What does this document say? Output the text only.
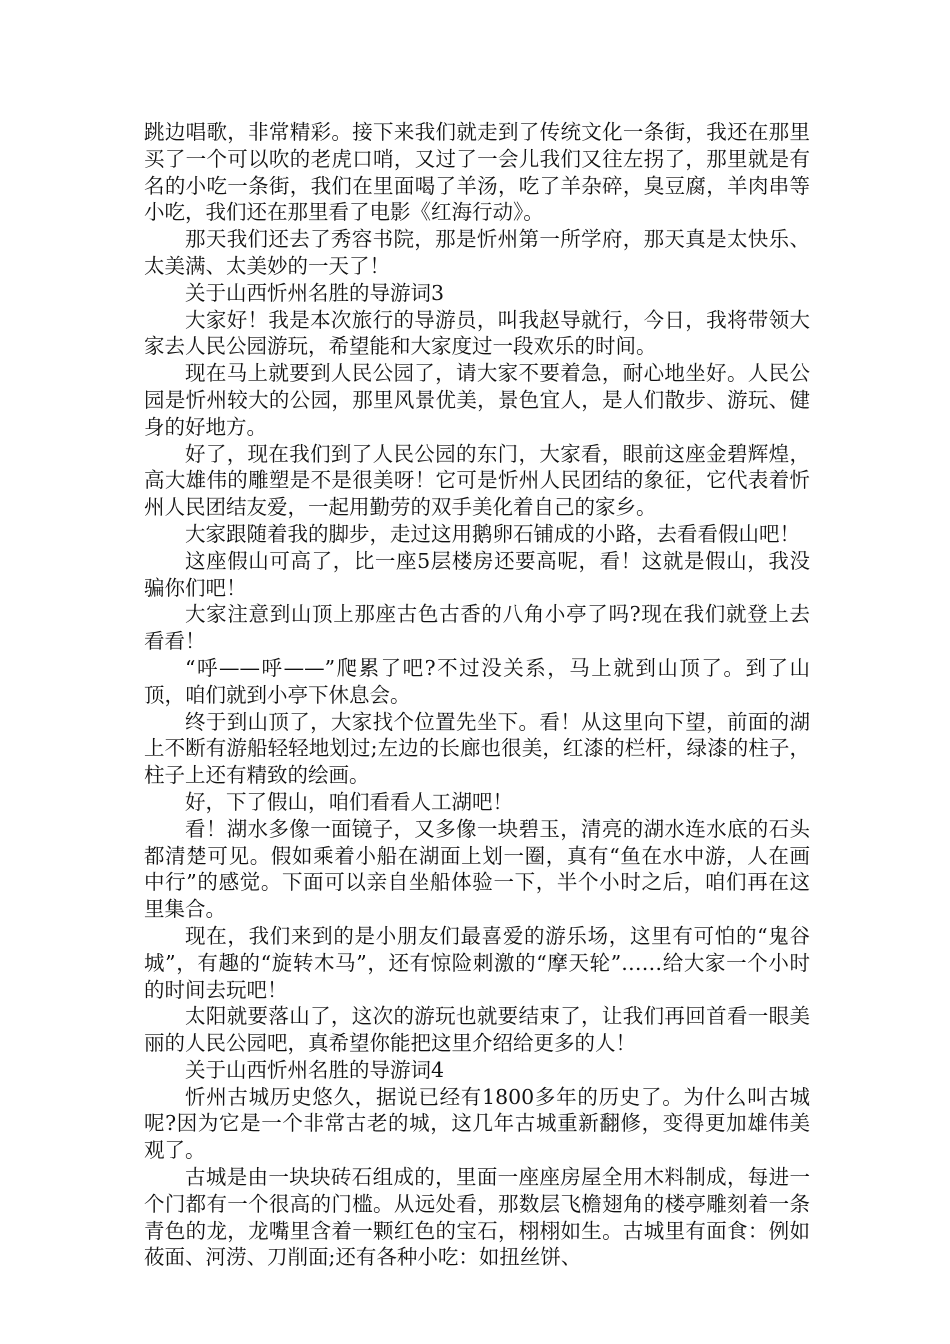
跳边唱歌，非常精彩。接下来我们就走到了传统文化一条街，我还在那里买了一个可以吹的老虎口哨，又过了一会儿我们又往左拐了，那里就是有名的小吃一条街，我们在里面喝了羊汤，吃了羊杂碎，臭豆腐，羊肉串等小吃，我们还在那里看了电影《红海行动》。

那天我们还去了秀容书院，那是忻州第一所学府，那天真是太快乐、太美满、太美妙的一天了！

关于山西忻州名胜的导游词3

大家好！我是本次旅行的导游员，叫我赵导就行，今日，我将带领大家去人民公园游玩，希望能和大家度过一段欢乐的时间。

现在马上就要到人民公园了，请大家不要着急，耐心地坐好。人民公园是忻州较大的公园，那里风景优美，景色宜人，是人们散步、游玩、健身的好地方。

好了，现在我们到了人民公园的东门，大家看，眼前这座金碧辉煌，高大雄伟的雕塑是不是很美呀！它可是忻州人民团结的象征，它代表着忻州人民团结友爱，一起用勤劳的双手美化着自己的家乡。

大家跟随着我的脚步，走过这用鹅卵石铺成的小路，去看看假山吧！

这座假山可高了，比一座5层楼房还要高呢，看！这就是假山，我没骗你们吧！

大家注意到山顶上那座古色古香的八角小亭了吗?现在我们就登上去看看！

“呼——呼——”爬累了吧?不过没关系，马上就到山顶了。到了山顶，咱们就到小亭下休息会。

终于到山顶了，大家找个位置先坐下。看！从这里向下望，前面的湖上不断有游船轻轻地划过;左边的长廊也很美，红漆的栏杆，绿漆的柱子，柱子上还有精致的绘画。

好，下了假山，咱们看看人工湖吧！

看！湖水多像一面镜子，又多像一块碧玉，清亮的湖水连水底的石头都清楚可见。假如乘着小船在湖面上划一圈，真有“鱼在水中游，人在画中行”的感觉。下面可以亲自坐船体验一下，半个小时之后，咱们再在这里集合。

现在，我们来到的是小朋友们最喜爱的游乐场，这里有可怕的“鬼谷城”，有趣的“旋转木马”，还有惊险刺激的“摩天轮”……给大家一个小时的时间去玩吧！

太阳就要落山了，这次的游玩也就要结束了，让我们再回首看一眼美丽的人民公园吧，真希望你能把这里介绍给更多的人！

关于山西忻州名胜的导游词4

忻州古城历史悠久，据说已经有1800多年的历史了。为什么叫古城呢?因为它是一个非常古老的城，这几年古城重新翻修，变得更加雄伟美观了。

古城是由一块块砖石组成的，里面一座座房屋全用木料制成，每进一个门都有一个很高的门槛。从远处看，那数层飞檐翅角的楼亭雕刻着一条青色的龙，龙嘴里含着一颗红色的宝石，栩栩如生。古城里有面食：例如莜面、河涝、刀削面;还有各种小吃：如扭丝饼、
